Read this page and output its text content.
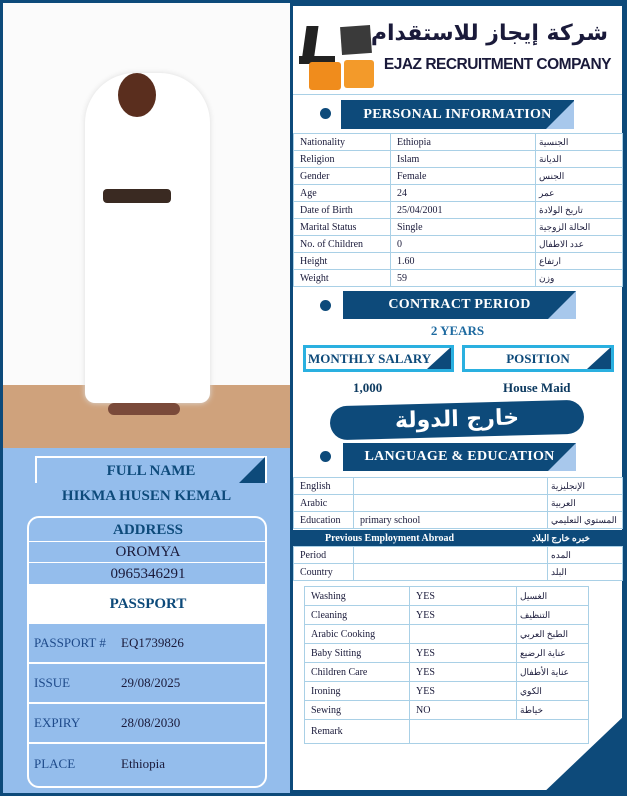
FULL NAME
HIKMA HUSEN KEMAL
ADDRESS
OROMYA
0965346291
PASSPORT
PASSPORT #	EQ1739826
ISSUE	29/08/2025
EXPIRY	28/08/2030
PLACE	Ethiopia
شركة إيجاز للاستقدام
EJAZ RECRUITMENT COMPANY
PERSONAL INFORMATION
Nationality	Ethiopia	الجنسية
Religion	Islam	الديانة
Gender	Female	الجنس
Age	24	عمر
Date of Birth	25/04/2001	تاريخ الولادة
Marital Status	Single	الحالة الزوجية
No. of Children	0	عدد الاطفال
Height	1.60	ارتفاع
Weight	59	وزن
CONTRACT PERIOD
2 YEARS
MONTHLY SALARY	POSITION
1,000	House Maid
خارج الدولة
LANGUAGE & EDUCATION
English		الإنجليزية
Arabic		العربية
Education	primary school	المستوي التعليمي
Previous Employment Abroad	خبره خارج البلاد
Period		المده
Country		البلد
Washing	YES	الغسيل
Cleaning	YES	التنظيف
Arabic Cooking		الطبخ العربي
Baby Sitting	YES	عناية الرضيع
Children Care	YES	عناية الأطفال
Ironing	YES	الكوي
Sewing	NO	خياطة
Remark		
